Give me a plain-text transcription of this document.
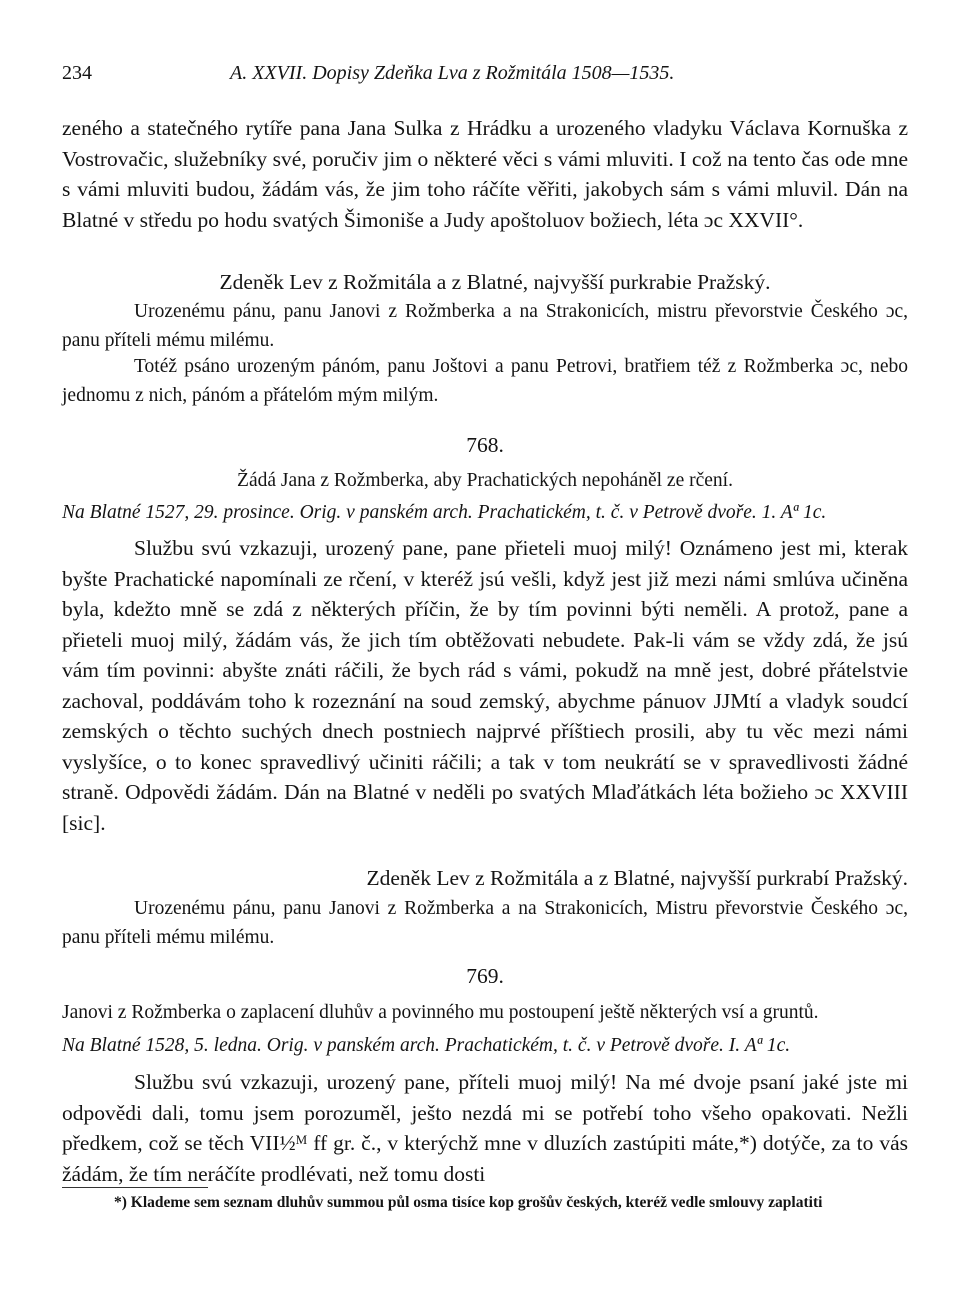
234	A. XXVII. Dopisy Zdeňka Lva z Rožmitála 1508—1535.

zeného a statečného rytíře pana Jana Sulka z Hrádku a urozeného vladyku Václava Kornuška z Vostrovačic, služebníky své, poručiv jim o některé věci s vámi mluviti. I což na tento čas ode mne s vámi mluviti budou, žádám vás, že jim toho ráčíte věřiti, jakobych sám s vámi mluvil. Dán na Blatné v středu po hodu svatých Šimoniše a Judy apoštoluov božiech, léta ɔc XXVII°.

Zdeněk Lev z Rožmitála a z Blatné, najvyšší purkrabie Pražský.

Urozenému pánu, panu Janovi z Rožmberka a na Strakonicích, mistru převorstvie Českého ɔc, panu příteli mému milému.

Totéž psáno urozeným pánóm, panu Joštovi a panu Petrovi, bratřiem též z Rožmberka ɔc, nebo jednomu z nich, pánóm a přátelóm mým milým.

768.

Žádá Jana z Rožmberka, aby Prachatických nepoháněl ze rčení.

Na Blatné 1527, 29. prosince. Orig. v panském arch. Prachatickém, t. č. v Petrově dvoře. 1. Aª 1c.

Službu svú vzkazuji, urozený pane, pane přieteli muoj milý! Oznámeno jest mi, kterak byšte Prachatické napomínali ze rčení, v kteréž jsú vešli, když jest již mezi námi smlúva učiněna byla, kdežto mně se zdá z některých příčin, že by tím povinni býti neměli. A protož, pane a přieteli muoj milý, žádám vás, že jich tím obtěžovati nebudete. Pak-li vám se vždy zdá, že jsú vám tím povinni: abyšte znáti ráčili, že bych rád s vámi, pokudž na mně jest, dobré přátelstvie zachoval, poddávám toho k rozeznání na soud zemský, abychme pánuov JJMtí a vladyk soudcí zemských o těchto suchých dnech postniech najprvé příštiech prosili, aby tu věc mezi námi vyslyšíce, o to konec spravedlivý učiniti ráčili; a tak v tom neukrátí se v spravedlivosti žádné straně. Odpovědi žádám. Dán na Blatné v neděli po svatých Mlaďátkách léta božieho ɔc XXVIII [sic].

Zdeněk Lev z Rožmitála a z Blatné, najvyšší purkrabí Pražský.

Urozenému pánu, panu Janovi z Rožmberka a na Strakonicích, Mistru převorstvie Českého ɔc, panu příteli mému milému.

769.

Janovi z Rožmberka o zaplacení dluhův a povinného mu postoupení ještě některých vsí a gruntů.

Na Blatné 1528, 5. ledna. Orig. v panském arch. Prachatickém, t. č. v Petrově dvoře. I. Aª 1c.

Službu svú vzkazuji, urozený pane, příteli muoj milý! Na mé dvoje psaní jaké jste mi odpovědi dali, tomu jsem porozuměl, ješto nezdá mi se potřebí toho všeho opakovati. Nežli předkem, což se těch VII½ᴹ ff gr. č., v kterýchž mne v dluzích zastúpiti máte,*) dotýče, za to vás žádám, že tím neráčíte prodlévati, než tomu dosti

*) Klademe sem seznam dluhův summou půl osma tisíce kop grošův českých, kteréž vedle smlouvy zaplatiti
